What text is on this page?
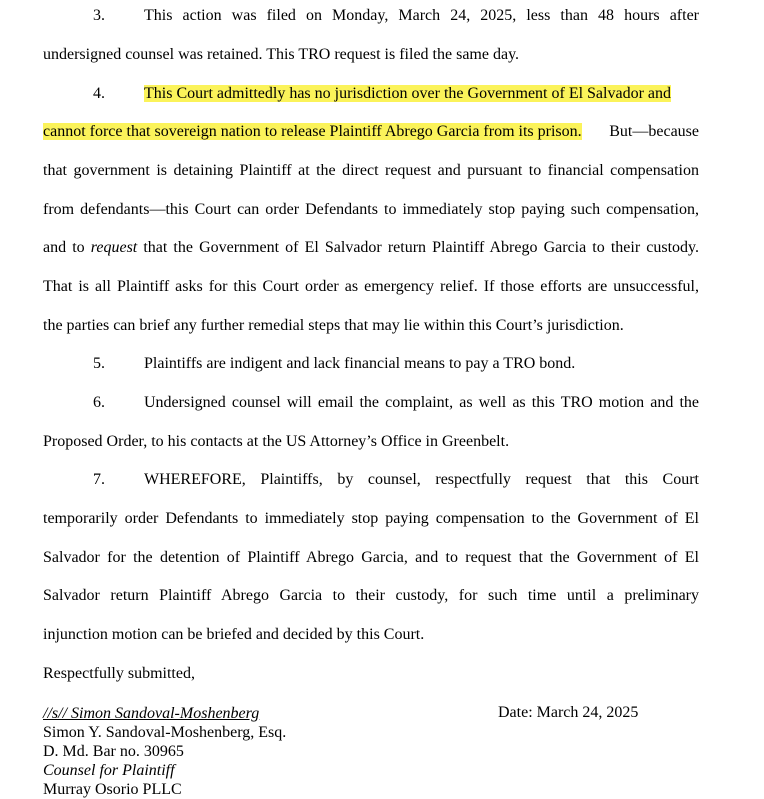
3. This action was filed on Monday, March 24, 2025, less than 48 hours after
undersigned counsel was retained. This TRO request is filed the same day.
4. This Court admittedly has no jurisdiction over the Government of El Salvador and
cannot force that sovereign nation to release Plaintiff Abrego Garcia from its prison. But—because
that government is detaining Plaintiff at the direct request and pursuant to financial compensation
from defendants—this Court can order Defendants to immediately stop paying such compensation,
and to request that the Government of El Salvador return Plaintiff Abrego Garcia to their custody.
That is all Plaintiff asks for this Court order as emergency relief. If those efforts are unsuccessful,
the parties can brief any further remedial steps that may lie within this Court’s jurisdiction.
5. Plaintiffs are indigent and lack financial means to pay a TRO bond.
6. Undersigned counsel will email the complaint, as well as this TRO motion and the
Proposed Order, to his contacts at the US Attorney’s Office in Greenbelt.
7. WHEREFORE, Plaintiffs, by counsel, respectfully request that this Court
temporarily order Defendants to immediately stop paying compensation to the Government of El
Salvador for the detention of Plaintiff Abrego Garcia, and to request that the Government of El
Salvador return Plaintiff Abrego Garcia to their custody, for such time until a preliminary
injunction motion can be briefed and decided by this Court.
Respectfully submitted,
//s// Simon Sandoval-Moshenberg
Simon Y. Sandoval-Moshenberg, Esq.
D. Md. Bar no. 30965
Counsel for Plaintiff
Murray Osorio PLLC
Date: March 24, 2025
